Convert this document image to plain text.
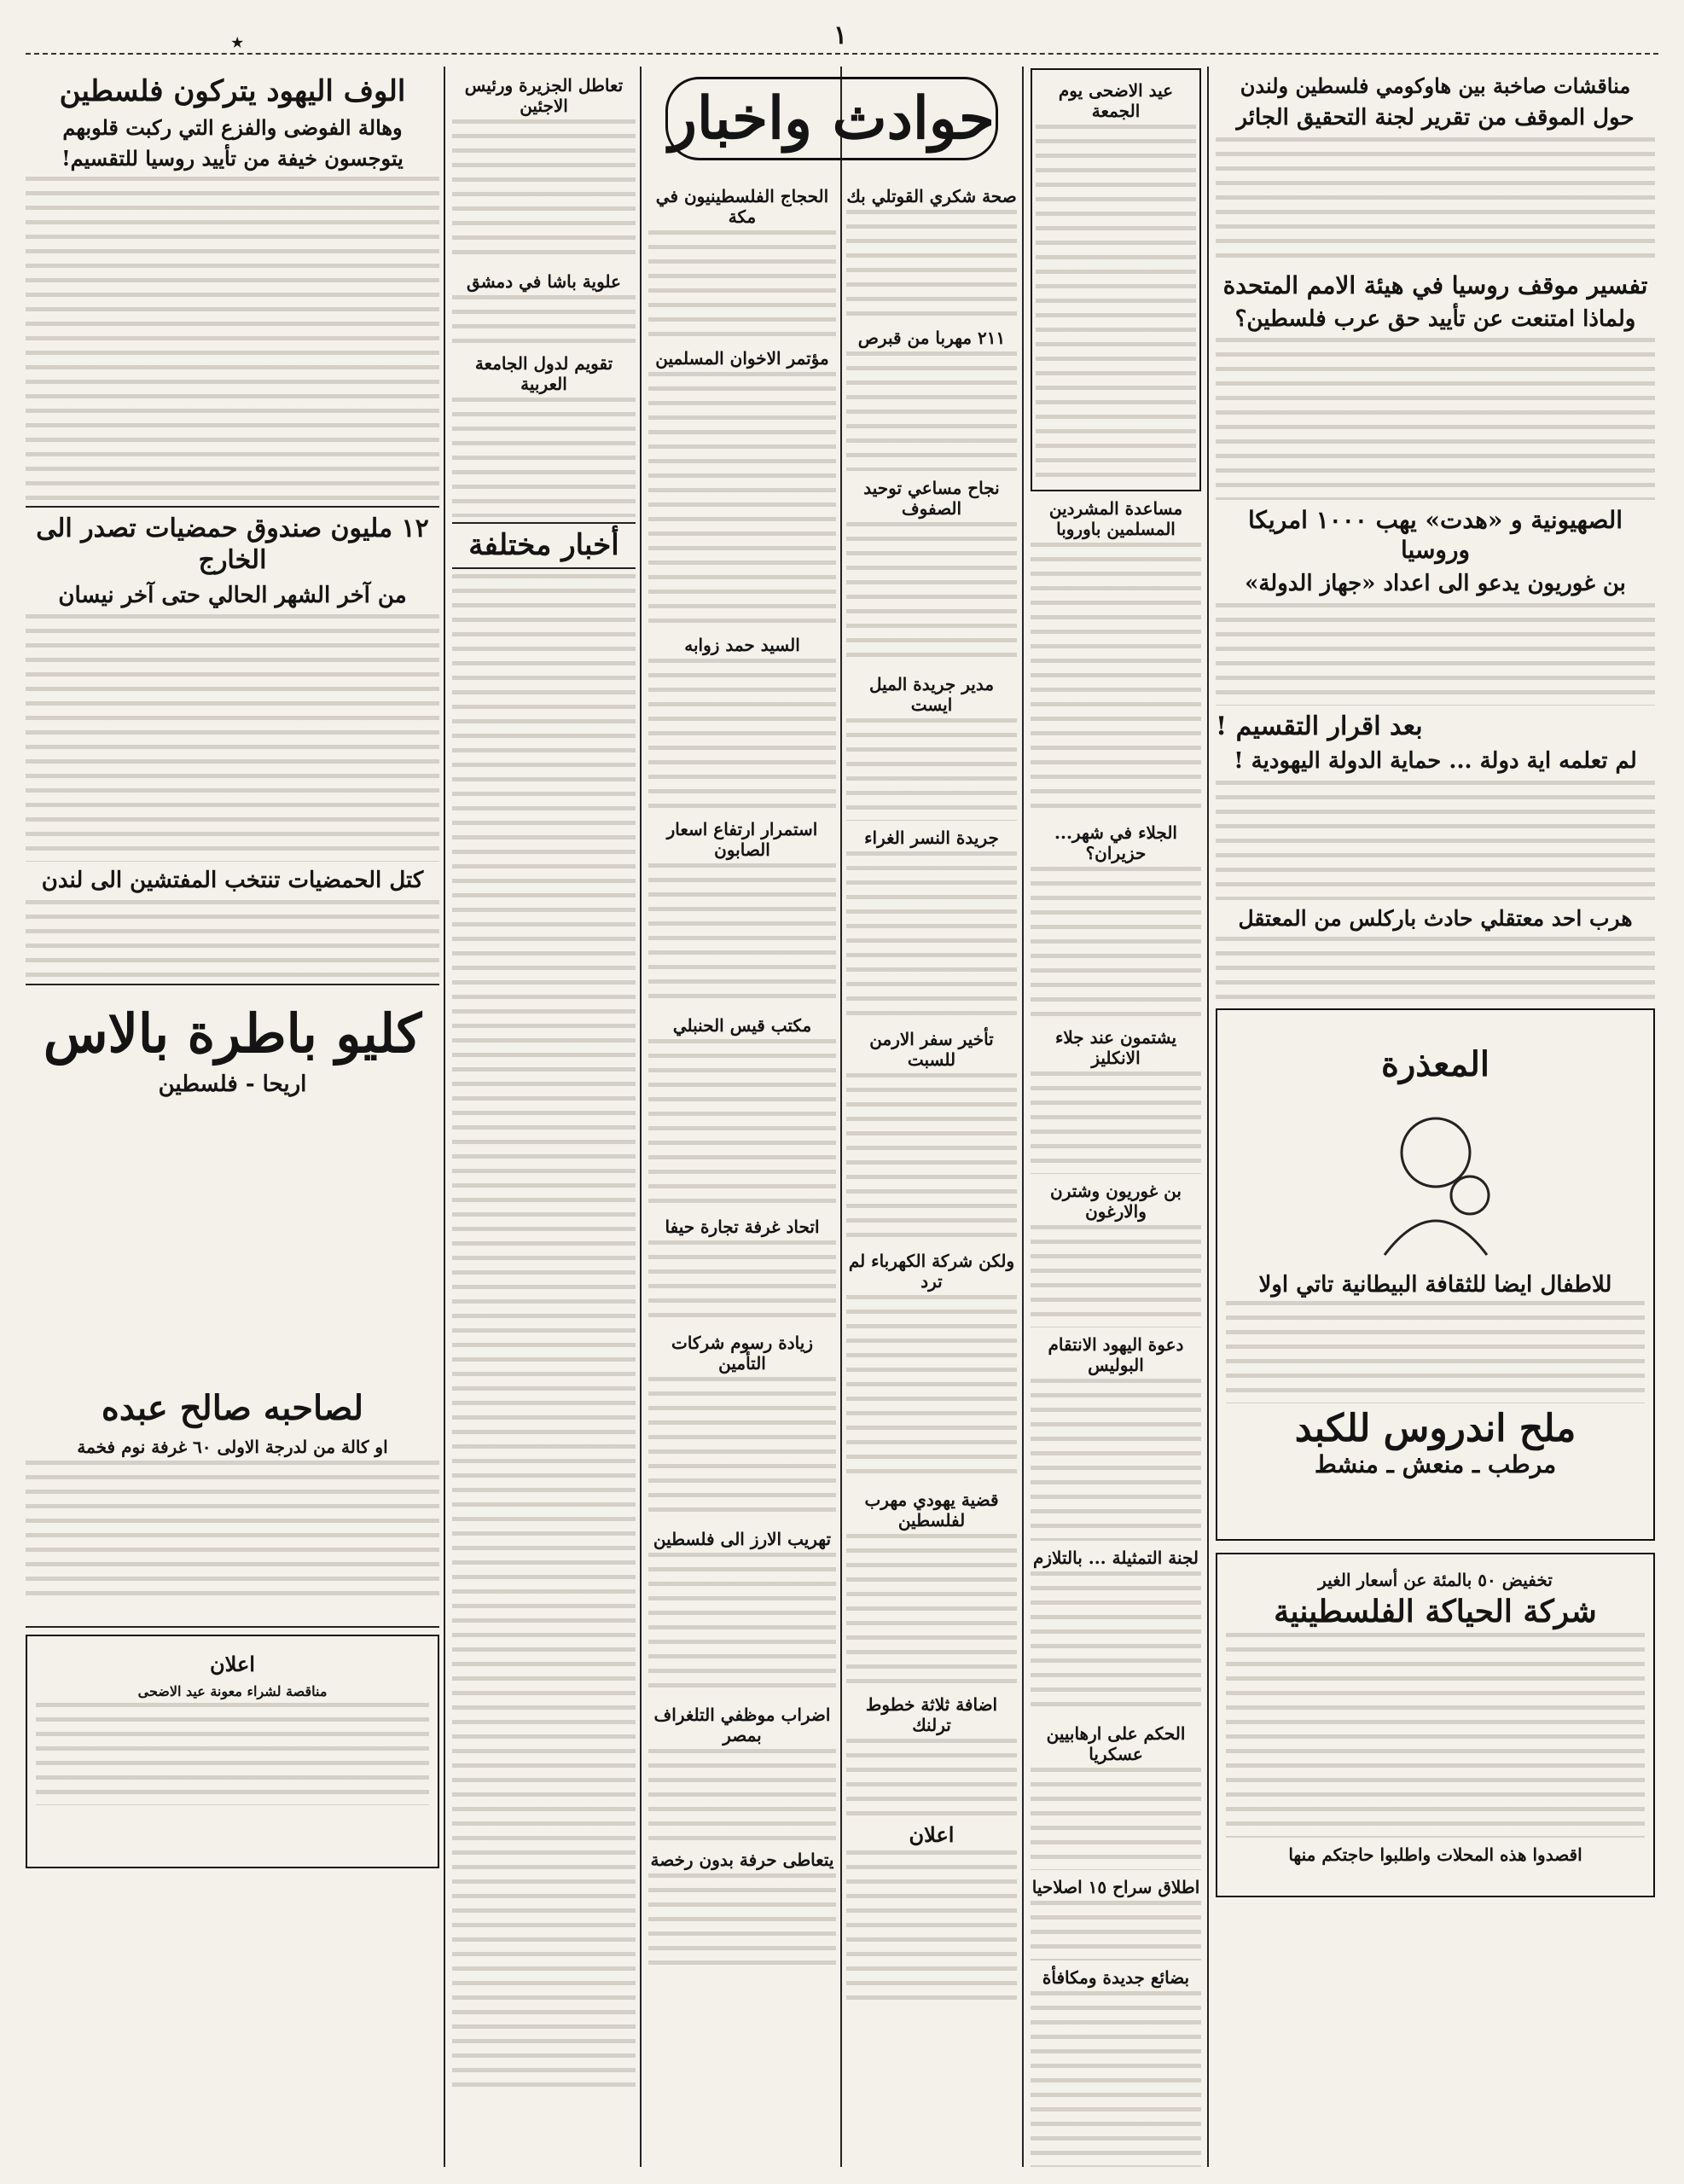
٭	١
مناقشات صاخبة بين هاوكومي فلسطين ولندن
حول الموقف من تقرير لجنة التحقيق الجائر
تفسير موقف روسيا في هيئة الامم المتحدة
ولماذا امتنعت عن تأييد حق عرب فلسطين؟
الصهيونية و «هدت» يهب ١٠٠٠ امريكا وروسيا
بن غوريون يدعو الى اعداد «جهاز الدولة»
بعد اقرار التقسيم !
لم تعلمه اية دولة ... حماية الدولة اليهودية !
هرب احد معتقلي حادث باركلس من المعتقل
المعذرة
للاطفال ايضا للثقافة البيطانية تاتي اولا
ملح اندروس للكبد
مرطب ـ منعش ـ منشط
تخفيض ٥٠ بالمئة عن أسعار الغير
شركة الحياكة الفلسطينية
اقصدوا هذه المحلات واطلبوا حاجتكم منها
عيد الاضحى يوم الجمعة
مساعدة المشردين المسلمين باوروبا
الجلاء في شهر... حزيران؟
يشتمون عند جلاء الانكليز
بن غوريون وشترن والارغون
دعوة اليهود الانتقام البوليس
لجنة التمثيلة ... بالتلازم
الحكم على ارهابيين عسكريا
اطلاق سراح ١٥ اصلاحيا
بضائع جديدة ومكافأة
حوادث واخبار
صحة شكري القوتلي بك
٢١١ مهربا من قبرص
نجاح مساعي توحيد الصفوف
مدير جريدة الميل ايست
جريدة النسر الغراء
تأخير سفر الارمن للسبت
ولكن شركة الكهرباء لم ترد
قضية يهودي مهرب لفلسطين
اضافة ثلاثة خطوط ترلنك
اعلان
الحجاج الفلسطينيون في مكة
مؤتمر الاخوان المسلمين
السيد حمد زوابه
استمرار ارتفاع اسعار الصابون
مكتب قيس الحنبلي
اتحاد غرفة تجارة حيفا
زيادة رسوم شركات التأمين
تهريب الارز الى فلسطين
اضراب موظفي التلغراف بمصر
يتعاطى حرفة بدون رخصة
تعاطل الجزيرة ورئيس الاجئين
علوية باشا في دمشق
تقويم لدول الجامعة العربية
أخبار مختلفة
الوف اليهود يتركون فلسطين
وهالة الفوضى والفزع التي ركبت قلوبهم
يتوجسون خيفة من تأييد روسيا للتقسيم!
١٢ مليون صندوق حمضيات تصدر الى الخارج
من آخر الشهر الحالي حتى آخر نيسان
كتل الحمضيات تنتخب المفتشين الى لندن
كليو باطرة بالاس
اريحا - فلسطين
لصاحبه صالح عبده
او كالة من لدرجة الاولى ٦٠ غرفة نوم فخمة
اعلان
مناقصة لشراء معونة عيد الاضحى
